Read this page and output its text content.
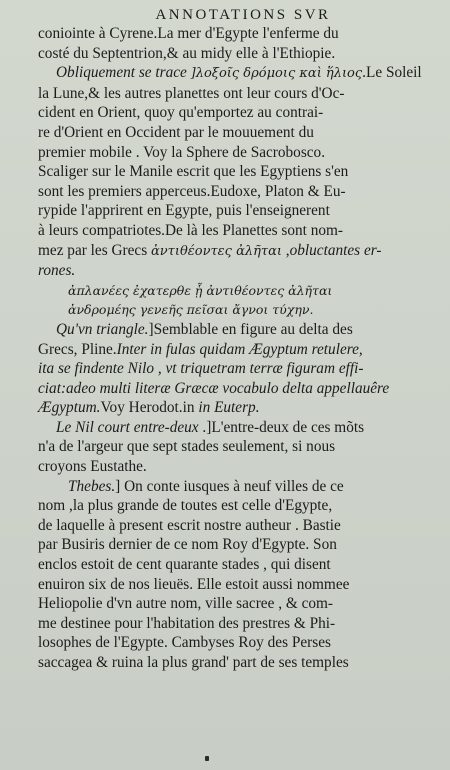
ANNOTATIONS SVR
coniointe à Cyrene.La mer d'Egypte l'enferme du
costé du Septentrion,& au midy elle à l'Ethiopie.
Obliquement se trace ]λοξοῖς δρόμοις καὶ ἥλιος.Le Soleil
la Lune,& les autres planettes ont leur cours d'Oc-
cident en Orient, quoy qu'emportez au contrai-
re d'Orient en Occident par le mouuement du
premier mobile . Voy la Sphere de Sacrobosco.
Scaliger sur le Manile escrit que les Egyptiens s'en
sont les premiers apperceus.Eudoxe, Platon & Eu-
rypide l'apprirent en Egypte, puis l'enseignerent
à leurs compatriotes.De là les Planettes sont nom-
mez par les Grecs ἀντιθέοντες ἀλῆται ,obluctantes er-
rones.
ἀπλανέες ἐχατερθε ᾗ ἀντιθέοντες ἀλῆται
ἀνδρομέης γενεῆς πεῖσαι ἄγνοι τύχην.
Qu'vn triangle.]Semblable en figure au delta des
Grecs, Pline.Inter in fulas quidam Ægyptum retulere,
ita se findente Nilo , vt triquetram terræ figuram effi-
ciat:adeo multi literæ Græcæ vocabulo delta appellauêre
Ægyptum.Voy Herodot.in in Euterp.
Le Nil court entre-deux .]L'entre-deux de ces mõts
n'a de l'argeur que sept stades seulement, si nous
croyons Eustathe.
Thebes.] On conte iusques à neuf villes de ce
nom ,la plus grande de toutes est celle d'Egypte,
de laquelle à present escrit nostre autheur . Bastie
par Busiris dernier de ce nom Roy d'Egypte. Son
enclos estoit de cent quarante stades , qui disent
enuiron six de nos lieuës. Elle estoit aussi nommee
Heliopolie d'vn autre nom, ville sacree , & com-
me destinee pour l'habitation des prestres & Phi-
losophes de l'Egypte. Cambyses Roy des Perses
saccagea & ruina la plus grand' part de ses temples
